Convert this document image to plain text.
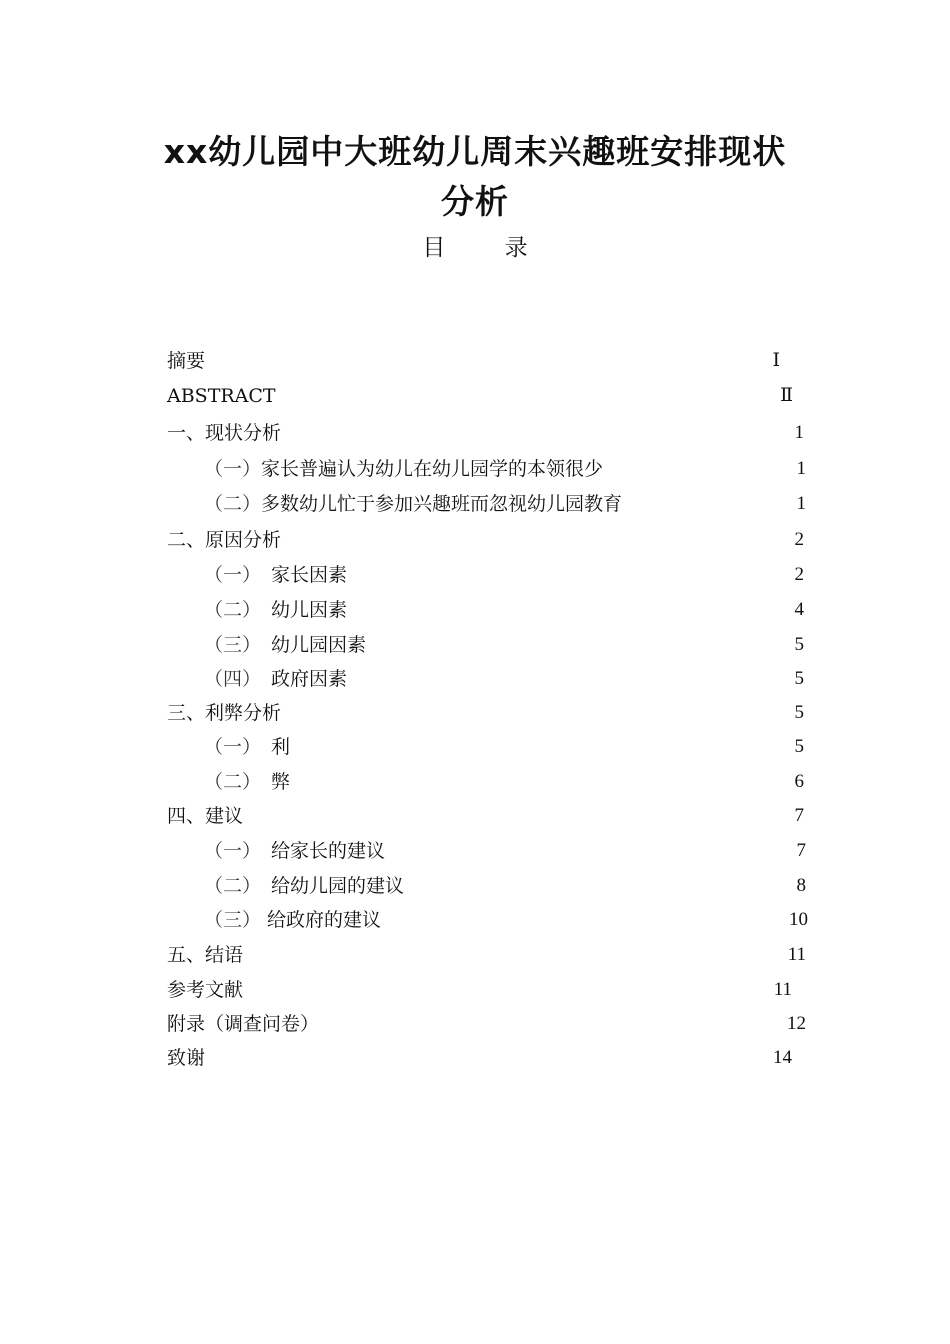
xx幼儿园中大班幼儿周末兴趣班安排现状
分析
目 录
摘要	Ⅰ
ABSTRACT	Ⅱ
一、现状分析	1
（一） 家长普遍认为幼儿在幼儿园学的本领很少	1
（二） 多数幼儿忙于参加兴趣班而忽视幼儿园教育	1
二、原因分析	2
（一） 家长因素	2
（二） 幼儿因素	4
（三） 幼儿园因素	5
（四） 政府因素	5
三、利弊分析	5
（一） 利	5
（二） 弊	6
四、建议	7
（一） 给家长的建议	7
（二） 给幼儿园的建议	8
（三） 给政府的建议	10
五、结语	11
参考文献	11
附录（调查问卷）	12
致谢	14
